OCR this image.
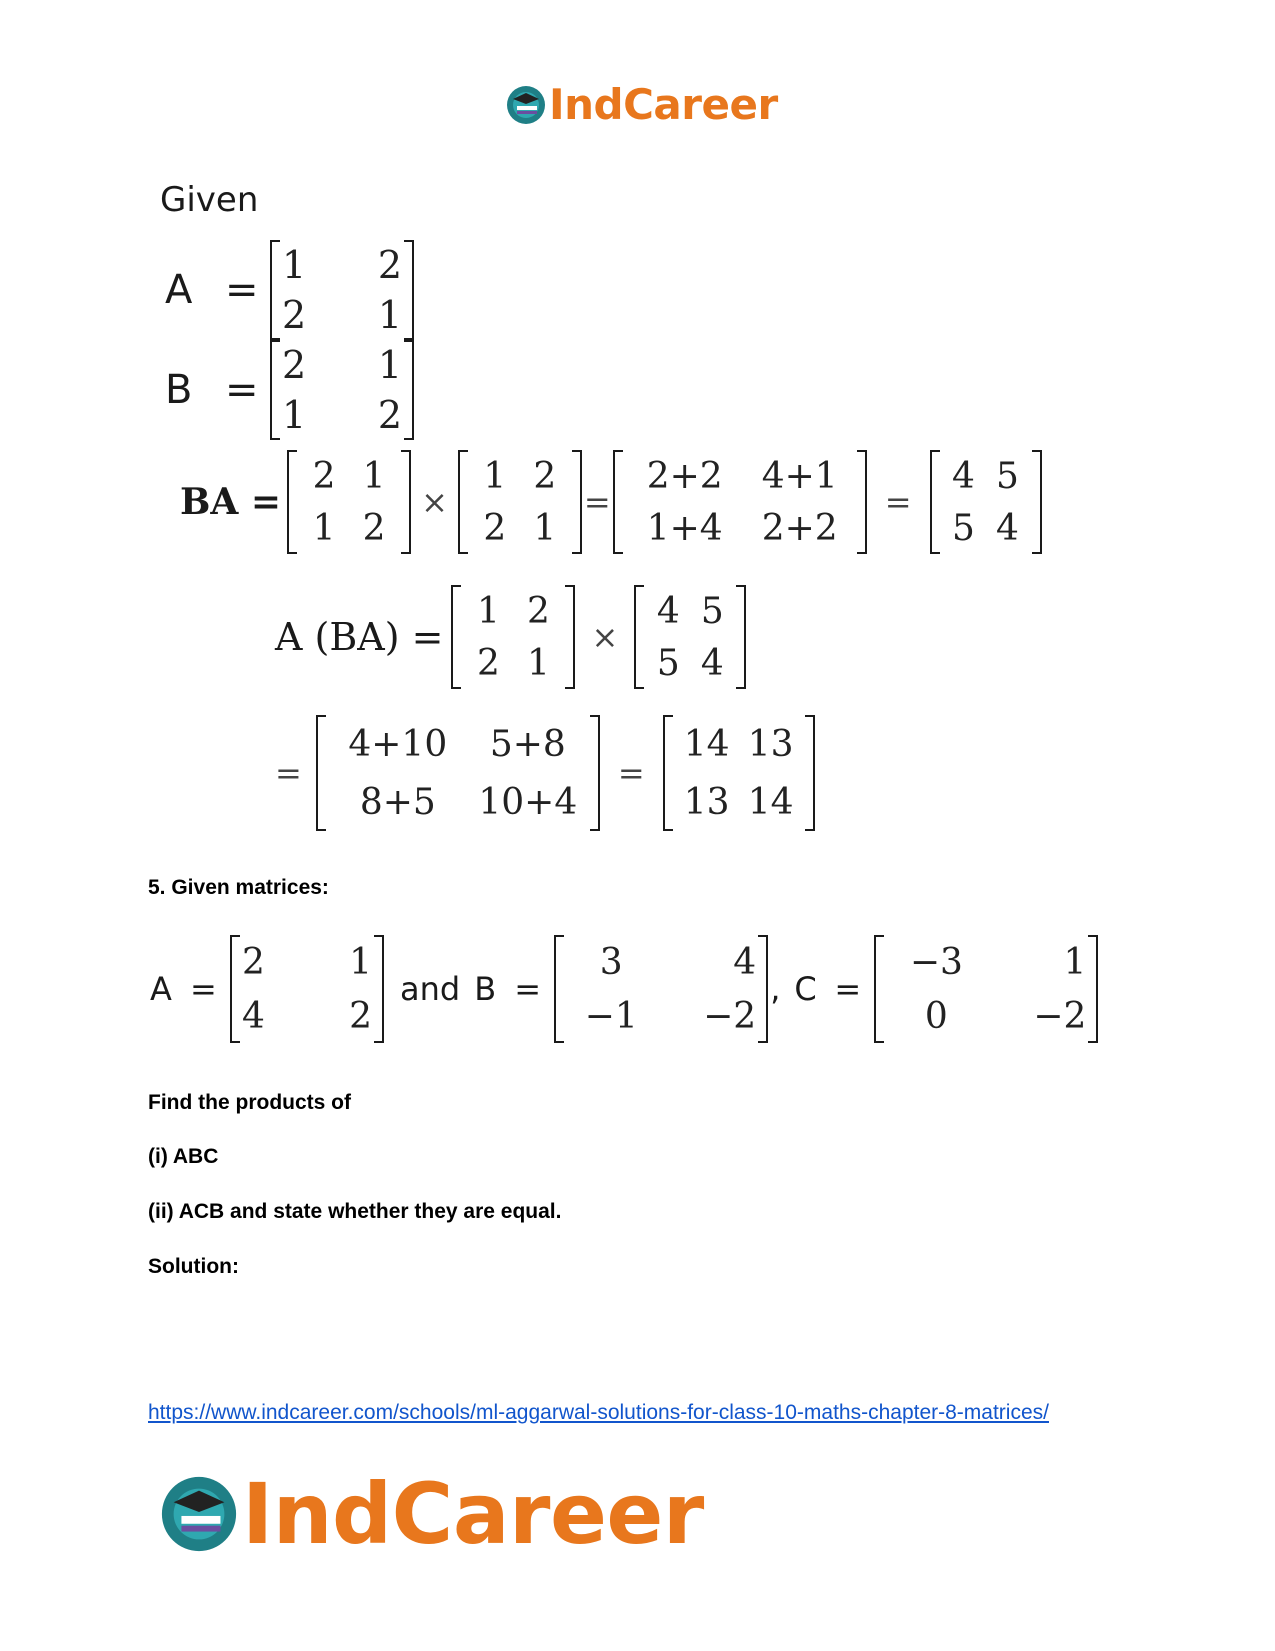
IndCareer
Given
A =
1	2
2	1
B =
2	1
1	2
BA =
2 1
1 2
×
1 2
2 1
=
2+2	4+1
1+4	2+2
=
4 5
5 4
A (BA) =
1 2
2 1
×
4 5
5 4
=
4+10	5+8
8+5	10+4
=
14 13
13 14
5. Given matrices:
A =
2	1
4	2
and B =
3	4
−1	−2
, C =
−3	1
0	−2
Find the products of
(i) ABC
(ii) ACB and state whether they are equal.
Solution:
https://www.indcareer.com/schools/ml-aggarwal-solutions-for-class-10-maths-chapter-8-matrices/
IndCareer
